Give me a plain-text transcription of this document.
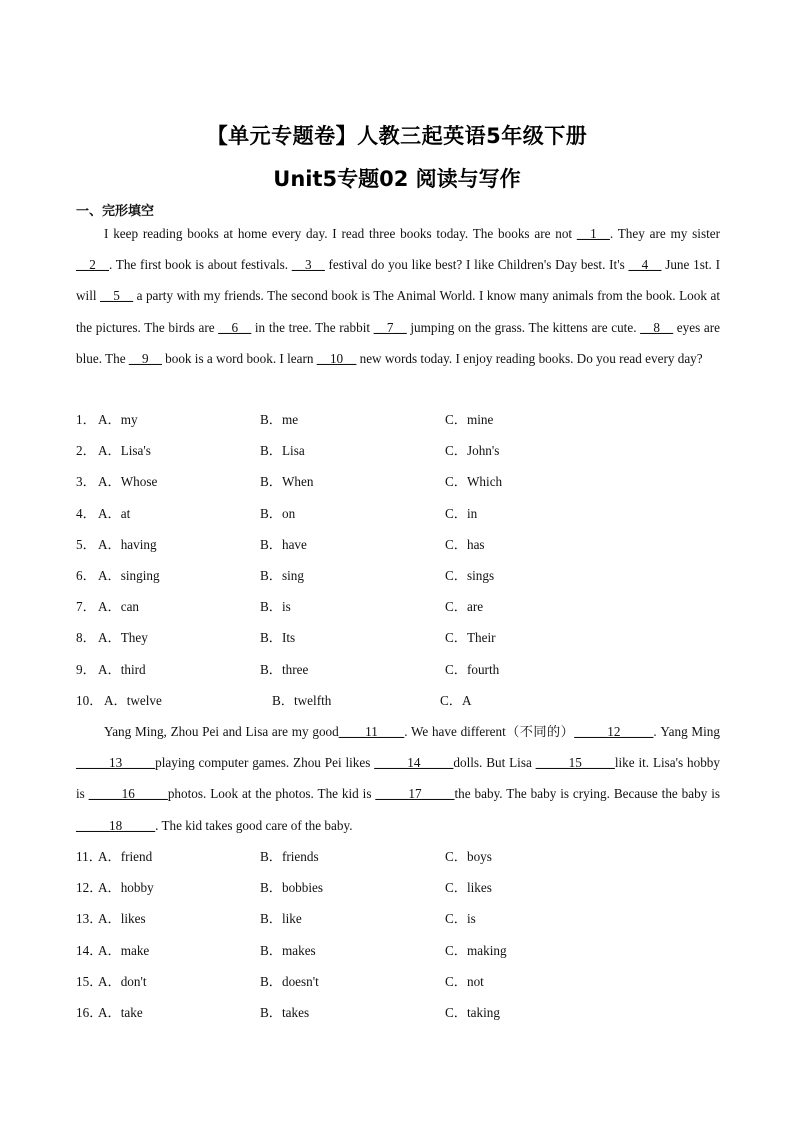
【单元专题卷】人教三起英语5年级下册
Unit5专题02 阅读与写作
一、完形填空

I keep reading books at home every day. I read three books today. The books are not __1__. They are my sister __2__. The first book is about festivals. __3__ festival do you like best? I like Children's Day best. It's __4__ June 1st. I will __5__ a party with my friends. The second book is The Animal World. I know many animals from the book. Look at the pictures. The birds are __6__ in the tree. The rabbit __7__ jumping on the grass. The kittens are cute. __8__ eyes are blue. The __9__ book is a word book. I learn __10__ new words today. I enjoy reading books. Do you read every day?

1． A．my	B．me	C．mine
2． A．Lisa's	B．Lisa	C．John's
3． A．Whose	B．When	C．Which
4． A．at	B．on	C．in
5． A．having	B．have	C．has
6． A．singing	B．sing	C．sings
7． A．can	B．is	C．are
8． A．They	B．Its	C．Their
9． A．third	B．three	C．fourth
10． A．twelve	B．twelfth	C．A

Yang Ming, Zhou Pei and Lisa are my good____11____. We have different（不同的）_____12_____. Yang Ming _____13_____playing computer games. Zhou Pei likes _____14_____dolls. But Lisa _____15_____like it. Lisa's hobby is _____16_____photos. Look at the photos. The kid is _____17_____the baby. The baby is crying. Because the baby is _____18_____. The kid takes good care of the baby.

11．
A．friend	B．friends	C．boys
12．
A．hobby	B．bobbies	C．likes
13．
A．likes	B．like	C．is
14．
A．make	B．makes	C．making
15．
A．don't	B．doesn't	C．not
16．
A．take	B．takes	C．taking
